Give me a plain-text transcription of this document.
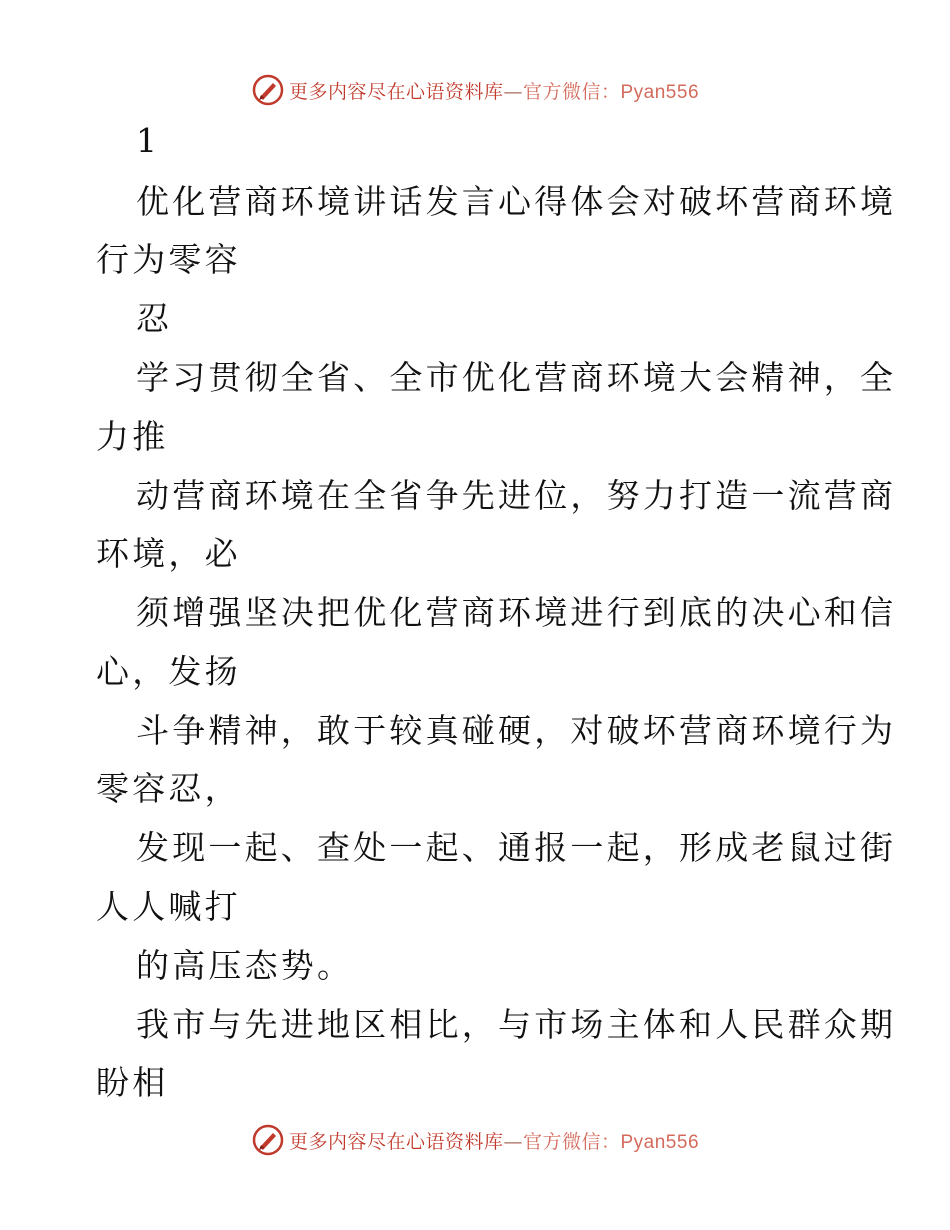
更多内容尽在心语资料库—官方微信：Pyan556
1
优化营商环境讲话发言心得体会对破坏营商环境
行为零容
忍
学习贯彻全省、全市优化营商环境大会精神，全
力推
动营商环境在全省争先进位，努力打造一流营商
环境，必
须增强坚决把优化营商环境进行到底的决心和信
心，发扬
斗争精神，敢于较真碰硬，对破坏营商环境行为
零容忍，
发现一起、查处一起、通报一起，形成老鼠过街
人人喊打
的高压态势。
我市与先进地区相比，与市场主体和人民群众期
盼相
更多内容尽在心语资料库—官方微信：Pyan556
